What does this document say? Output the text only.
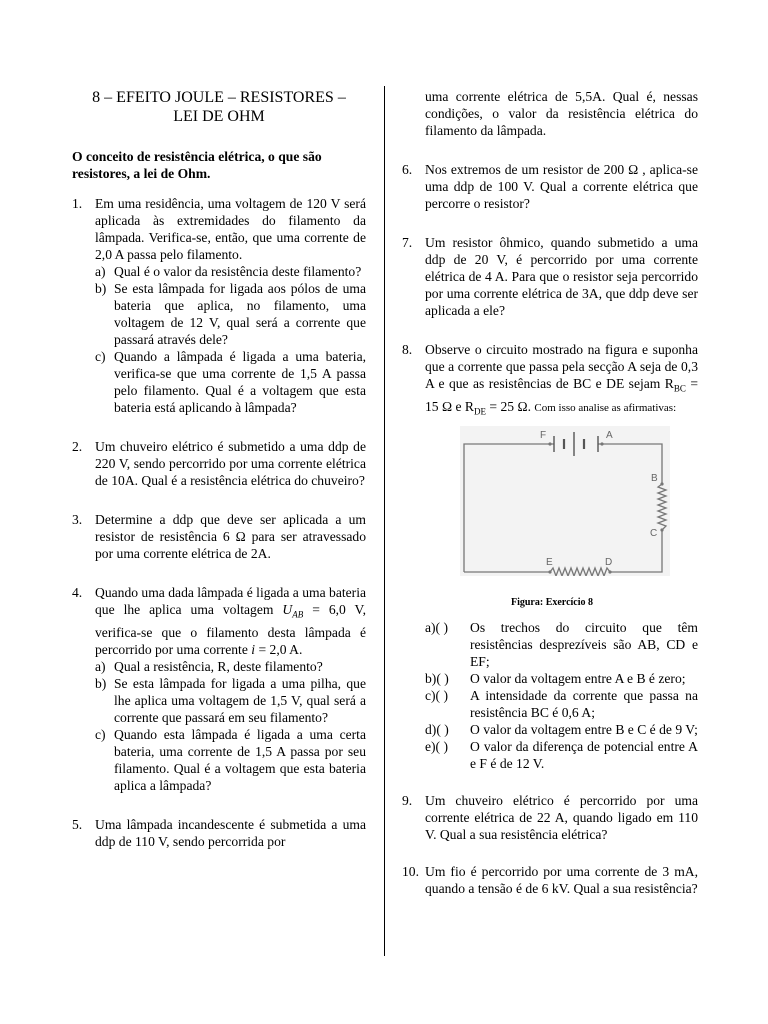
8 – EFEITO JOULE – RESISTORES –
LEI DE OHM

O conceito de resistência elétrica, o que são resistores, a lei de Ohm.

1. Em uma residência, uma voltagem de 120 V será aplicada às extremidades do filamento da lâmpada. Verifica-se, então, que uma corrente de 2,0 A passa pelo filamento.

a) Qual é o valor da resistência deste filamento?
b) Se esta lâmpada for ligada aos pólos de uma bateria que aplica, no filamento, uma voltagem de 12 V, qual será a corrente que passará através dele?
c) Quando a lâmpada é ligada a uma bateria, verifica-se que uma corrente de 1,5 A passa pelo filamento. Qual é a voltagem que esta bateria está aplicando à lâmpada?
2. Um chuveiro elétrico é submetido a uma ddp de 220 V, sendo percorrido por uma corrente elétrica de 10A. Qual é a resistência elétrica do chuveiro?

3. Determine a ddp que deve ser aplicada a um resistor de resistência 6 Ω para ser atravessado por uma corrente elétrica de 2A.

4. Quando uma dada lâmpada é ligada a uma bateria que lhe aplica uma voltagem $U_{AB} = 6,0$ V, verifica-se que o filamento desta lâmpada é percorrido por uma corrente i = 2,0 A.

a) Qual a resistência, R, deste filamento?
b) Se esta lâmpada for ligada a uma pilha, que lhe aplica uma voltagem de 1,5 V, qual será a corrente que passará em seu filamento?
c) Quando esta lâmpada é ligada a uma certa bateria, uma corrente de 1,5 A passa por seu filamento. Qual é a voltagem que esta bateria aplica a lâmpada?
5. Uma lâmpada incandescente é submetida a uma ddp de 110 V, sendo percorrida por

uma corrente elétrica de 5,5A. Qual é, nessas condições, o valor da resistência elétrica do filamento da lâmpada.

6. Nos extremos de um resistor de 200 Ω , aplica-se uma ddp de 100 V. Qual a corrente elétrica que percorre o resistor?

7. Um resistor ôhmico, quando submetido a uma ddp de 20 V, é percorrido por uma corrente elétrica de 4 A. Para que o resistor seja percorrido por uma corrente elétrica de 3A, que ddp deve ser aplicada a ele?

8. Observe o circuito mostrado na figura e suponha que a corrente que passa pela secção A seja de 0,3 A e que as resistências de BC e DE sejam $R_{BC} = 15$ Ω e $R_{DE} = 25$ Ω. Com isso analise as afirmativas:

F	A
B
C
D
E
Figura: Exercício 8
a)( )	Os trechos do circuito que têm resistências desprezíveis são AB, CD e EF;
b)( )	O valor da voltagem entre A e B é zero;
c)( )	A intensidade da corrente que passa na resistência BC é 0,6 A;
d)( )	O valor da voltagem entre B e C é de 9 V;
e)( )	O valor da diferença de potencial entre A e F é de 12 V.
9. Um chuveiro elétrico é percorrido por uma corrente elétrica de 22 A, quando ligado em 110 V. Qual a sua resistência elétrica?

10. Um fio é percorrido por uma corrente de 3 mA, quando a tensão é de 6 kV. Qual a sua resistência?
